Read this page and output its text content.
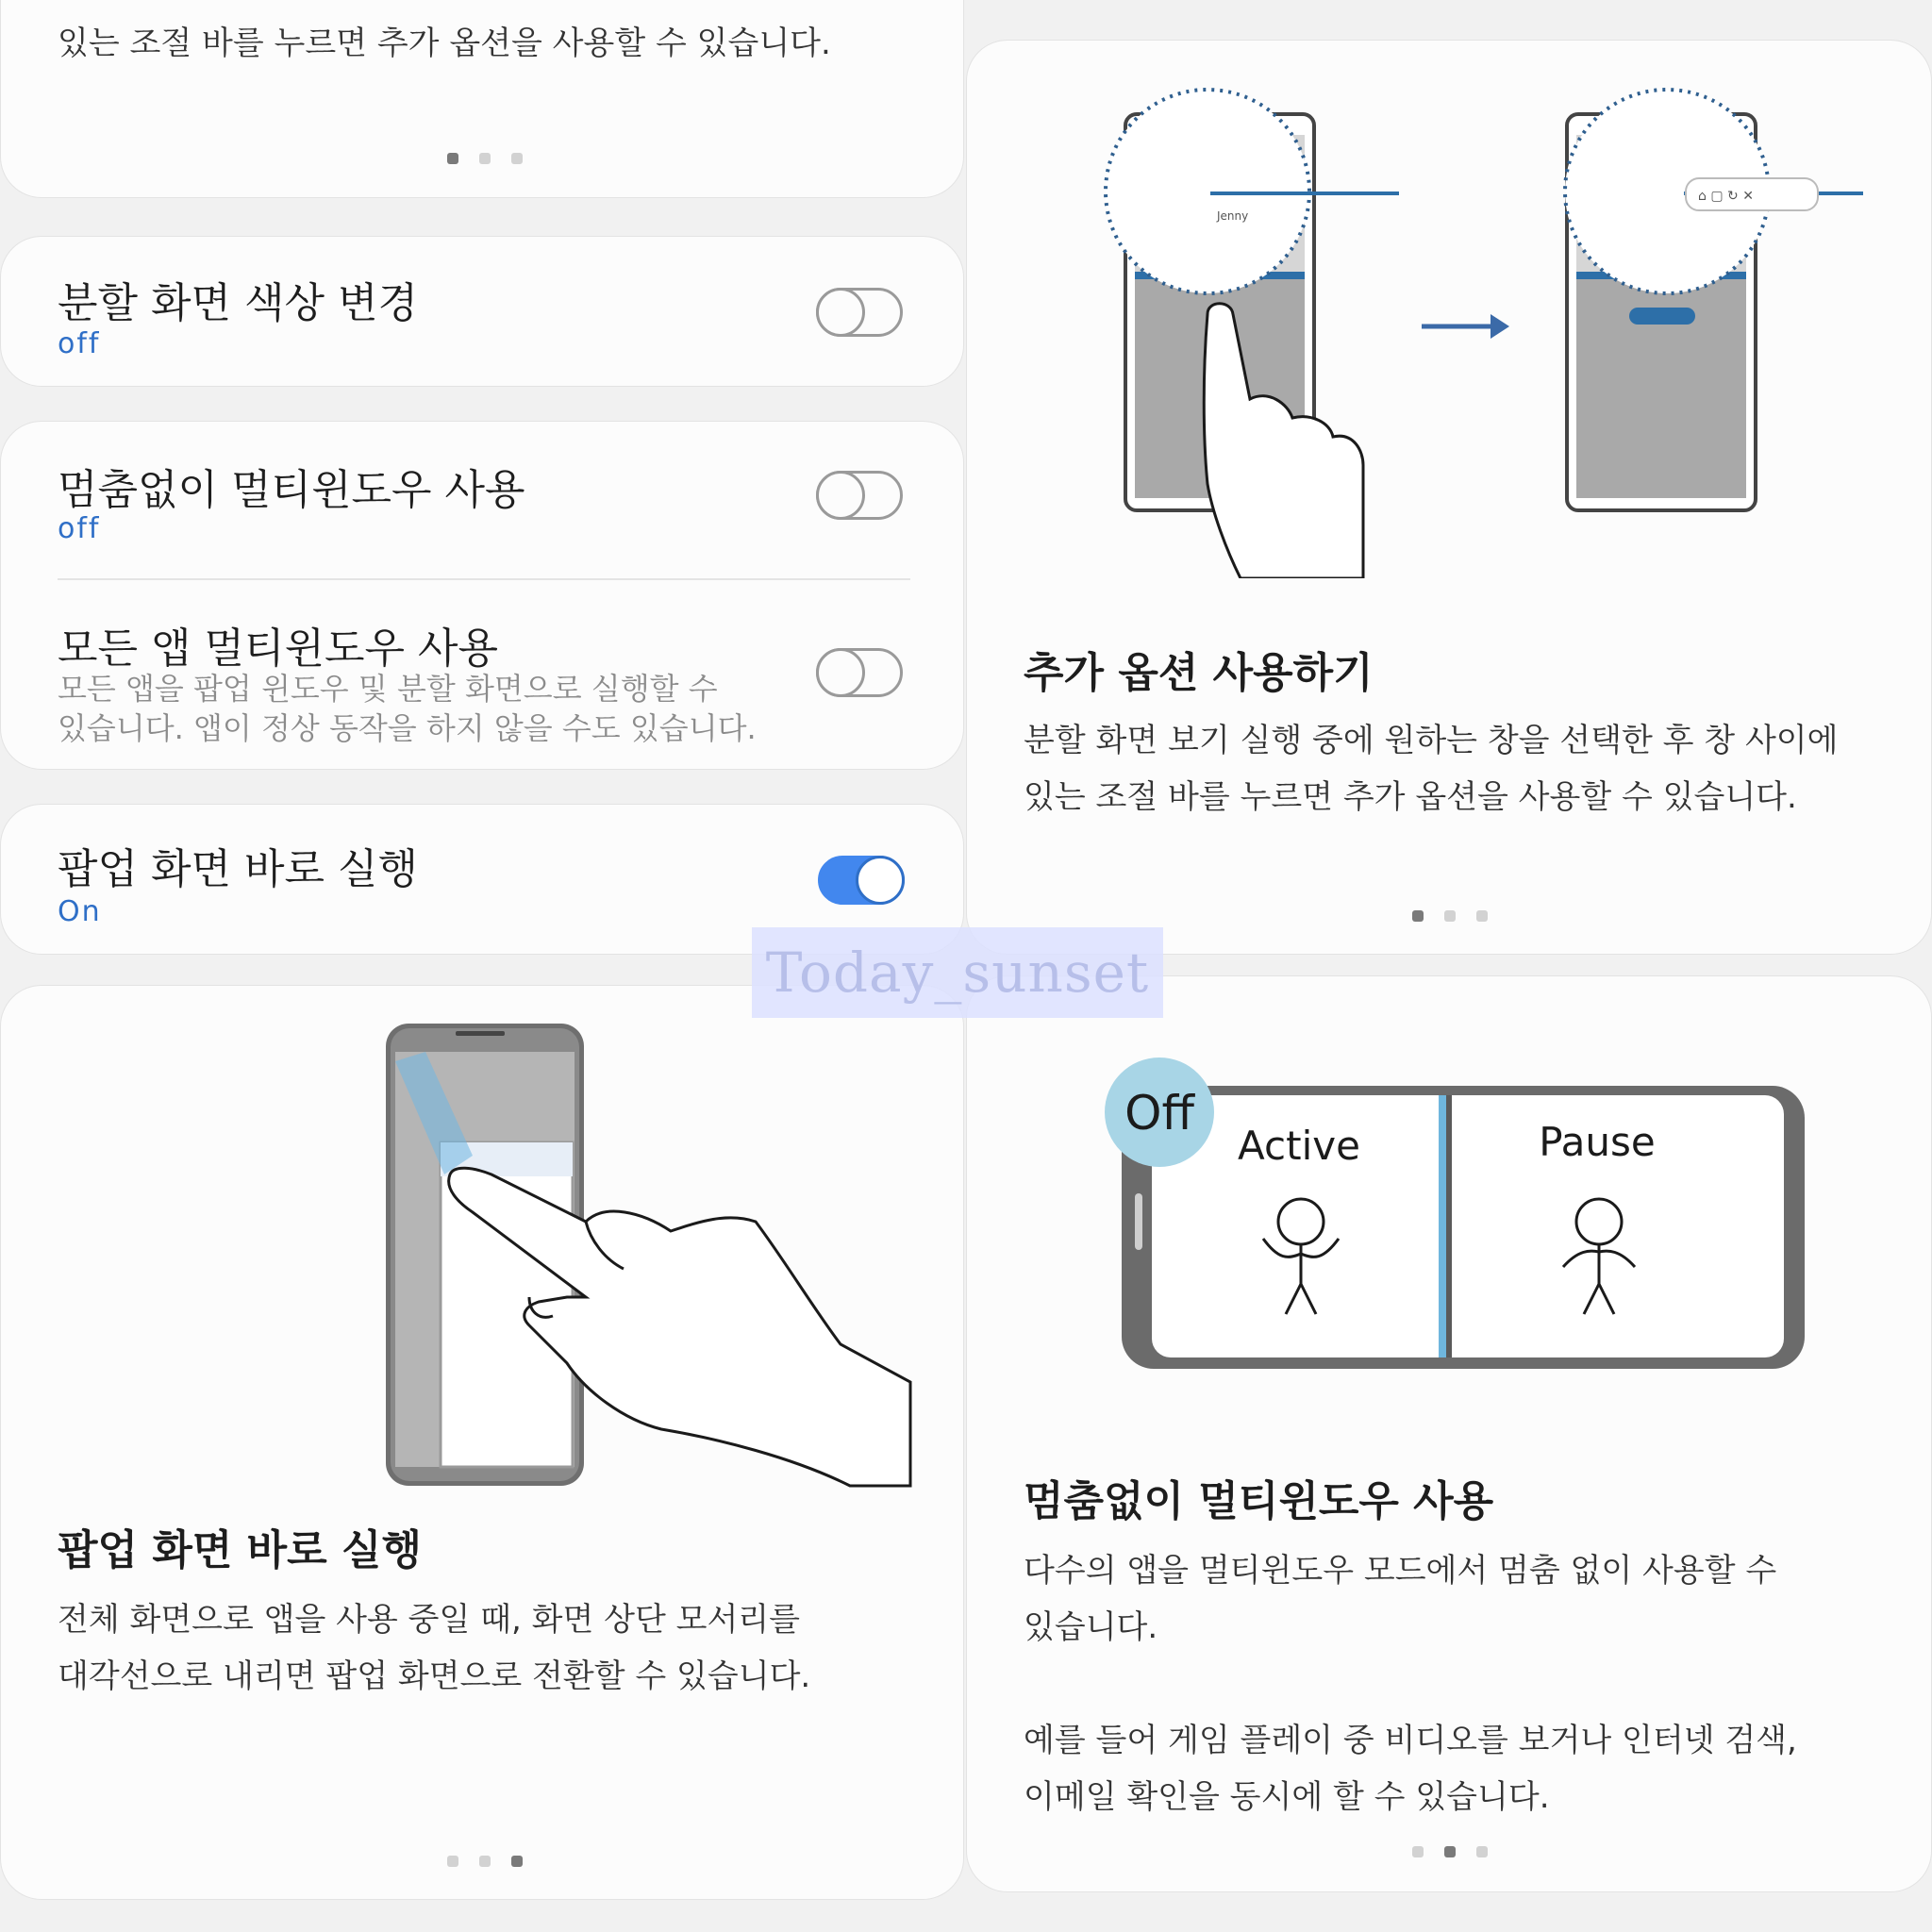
있는 조절 바를 누르면 추가 옵션을 사용할 수 있습니다.
분할 화면 색상 변경
off
멈춤없이 멀티윈도우 사용
off
모든 앱 멀티윈도우 사용
모든 앱을 팝업 윈도우 및 분할 화면으로 실행할 수
있습니다. 앱이 정상 동작을 하지 않을 수도 있습니다.
팝업 화면 바로 실행
On
팝업 화면 바로 실행
전체 화면으로 앱을 사용 중일 때, 화면 상단 모서리를
대각선으로 내리면 팝업 화면으로 전환할 수 있습니다.
Jenny
⌂ ▢ ↻ ✕
추가 옵션 사용하기
분할 화면 보기 실행 중에 원하는 창을 선택한 후 창 사이에
있는 조절 바를 누르면 추가 옵션을 사용할 수 있습니다.
Off
Active	Pause
멈춤없이 멀티윈도우 사용
다수의 앱을 멀티윈도우 모드에서 멈춤 없이 사용할 수
있습니다.
예를 들어 게임 플레이 중 비디오를 보거나 인터넷 검색,
이메일 확인을 동시에 할 수 있습니다.
Today_sunset
